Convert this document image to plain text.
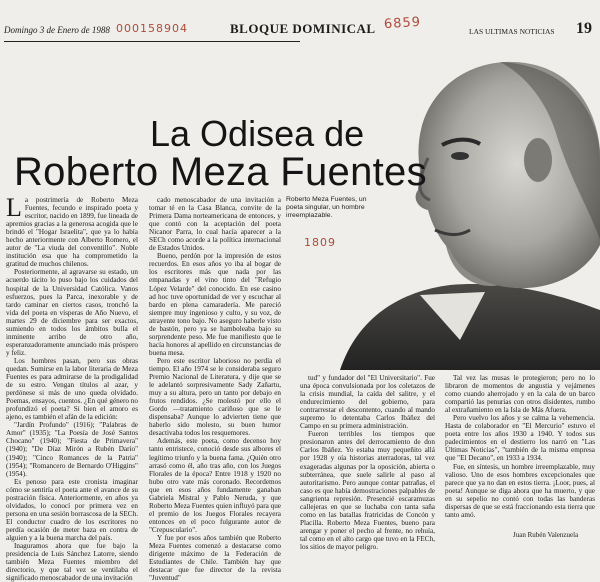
Domingo 3 de Enero de 1988 000158904	BLOQUE DOMINICAL 6859	LAS ULTIMAS NOTICIAS 19
La Odisea de
Roberto Meza Fuentes
Roberto Meza Fuentes, un poeta singular, un hombre irreemplazable.
1809

La postrimería de Roberto Meza Fuentes, fecundo e inspirado poeta y escritor, nacido en 1899, fue lineada de apremios gracias a la generosa acogida que le brindó el "Hogar Israelita", que ya lo había hecho anteriormente con Alberto Romero, el autor de "La viuda del conventillo". Noble institución esa que ha comprometido la gratitud de muchos chilenos.

Posteriormente, al agravarse su estado, un acuerdo tácito lo puso bajo los cuidados del hospital de la Universidad Católica. Vanos esfuerzos, pues la Parca, inexorable y de tardo caminar en ciertos casos, tronchó la vida del poeta en vísperas de Año Nuevo, el martes 29 de diciembre para ser exactos, sumiendo en todos los ámbitos bulla el inminente arribo de otro año, esperanzadoramente anunciado más próspero y feliz.

Los hombres pasan, pero sus obras quedan. Sumirse en la labor literaria de Meza Fuentes es para admirarse de la prodigalidad de su estro. Vengan títulos al azar, y perdónese si más de uno queda olvidado. Poemas, ensayos, cuentos. ¿En qué género no profundizó el poeta? Si bien el amoro es ajeno, es también el afán de la edición:

"Jardín Profundo" (1916); "Palabras de Amor" (1935); "La Poesía de José Santos Chocano" (1940); "Fiesta de Primavera" (1940); "De Díaz Mirón a Rubén Darío" (1940); "Cinco Romances de la Patria" (1954); "Romancero de Bernardo O'Higgins" (1954).

Es penoso para este cronista imaginar cómo se sentiría el poeta ante el avance de su postración física. Anteriormente, en años ya olvidados, lo conocí por primera vez en persona en una sesión borrascosa de la SECh. El conductor cuadro de los escritores no perdía ocasión de meter baza en contra de alguien y a la buena marcha del país.

Inaguramos ahora que fue bajo la presidencia de Luis Sánchez Latorre, siendo también Meza Fuentes miembro del directorio, y que tal vez se ventilaba el significado menoscabador de una invitación

cado menoscabador de una invitación a tomar té en la Casa Blanca, convite de la Primera Dama norteamericana de entonces, y que contó con la aceptación del poeta Nicanor Parra, lo cual hacía aparecer a la SECh como acorde a la política internacional de Estados Unidos.

Bueno, perdón por la impresión de estos recuerdos. En esos años yo iba al bogar de los escritores más que nada por las empanadas y el vino tinto del "Refugio López Velarde" del conocido. En ese casino ad hoc tuve oportunidad de ver y escuchar al bardo en plena camaradería. Me pareció siempre muy ingenioso y culto, y su voz, de atrayente tono bajo. No aseguro haberle visto de bastón, pero ya se hamboleaba bajo su sorprendente peso. Me fue manifiesto que le hacía honores al apellido en circunstancias de buena mesa.

Pero este escritor laborioso no perdía el tiempo. El año 1974 se le consideraba seguro Premio Nacional de Literatura, y dije que se le adelantó sorpresivamente Sady Zañartu, muy a su altura, pero un tanto por debajo en frutos rendidos. ¿Se molestó por ello el Gordo —tratamiento cariñoso que se le dispensaba? Aunque lo advierten tiene que haberlo sido molesto, su buen humor desactivaba todos los resquemores.

Además, este poeta, como decenso hoy tanto entristece, conoció desde sus albores el legítimo triunfo y la buena fama. ¿Quién otro arrasó como él, año tras año, con los Juegos Florales de la época? Entre 1918 y 1920 no hubo otro vate más coronado. Recordemos que en esos años fundamente ganaban Gabriela Mistral y Pablo Neruda, y que Roberto Meza Fuentes quien influyó para que el premio de los Juegos Florales recayera entonces en el poco fulgurante autor de "Crepusculario".

Y fue por esos años también que Roberto Meza Fuentes comenzó a destacarse como dirigente máximo de la Federación de Estudiantes de Chile. También hay que destacar que fue director de la revista "Juventud"

tud" y fundador del "El Universitario". Fue una época convulsionada por los coletazos de la crisis mundial, la caída del salitre, y el endurecimiento del gobierno, para contrarrestar el descontento, cuando al mando supremo lo detentaba Carlos Ibáñez del Campo en su primera administración.

Fueron terribles los tiempos que presionaron antes del derrocamiento de don Carlos Ibáñez. Yo estaba muy pequeñito allá por 1928 y oía historias aterradoras, tal vez exageradas algunas por la oposición, abierta o subterránea, que suele salirle al paso al autoritarismo. Pero aunque contar patrañas, el caso es que había demostraciones palpables de sangrienta represión. Presencié escaramuzas callejeras en que se luchaba con tanta saña como en las batallas fratricidas de Concón y Placilla. Roberto Meza Fuentes, bueno para arengar y poner el pecho al frente, no rehuía, tal como en el alto cargo que tuvo en la FECh, los sitios de mayor peligro.

Tal vez las musas le protegieron; pero no lo libraron de momentos de angustia y vejámenes como cuando aherrojado y en la cala de un barco compartió las penurias con otros disidentes, rumbo al extrañamiento en la Isla de Más Afuera.

Pero vuelvo los años y se calma la vehemencia. Hasta de colaborador en "El Mercurio" estuvo el poeta entre los años 1930 a 1940. Y todos sus padecimientos en el destierro los narró en "Las Últimas Noticias", "también de la misma empresa que "El Decano", en 1933 a 1934.

Fue, en síntesis, un hombre irreemplazable, muy valioso. Uno de esos hombres excepcionales que parece que ya no dan en estos tierra. ¡Loor, pues, al poeta! Aunque se diga ahora que ha muerto, y que en su sepelio no contó con todas las banderas dispersas de que se está fraccionando esta tierra que tanto amó.

Juan Rubén Valenzuela
